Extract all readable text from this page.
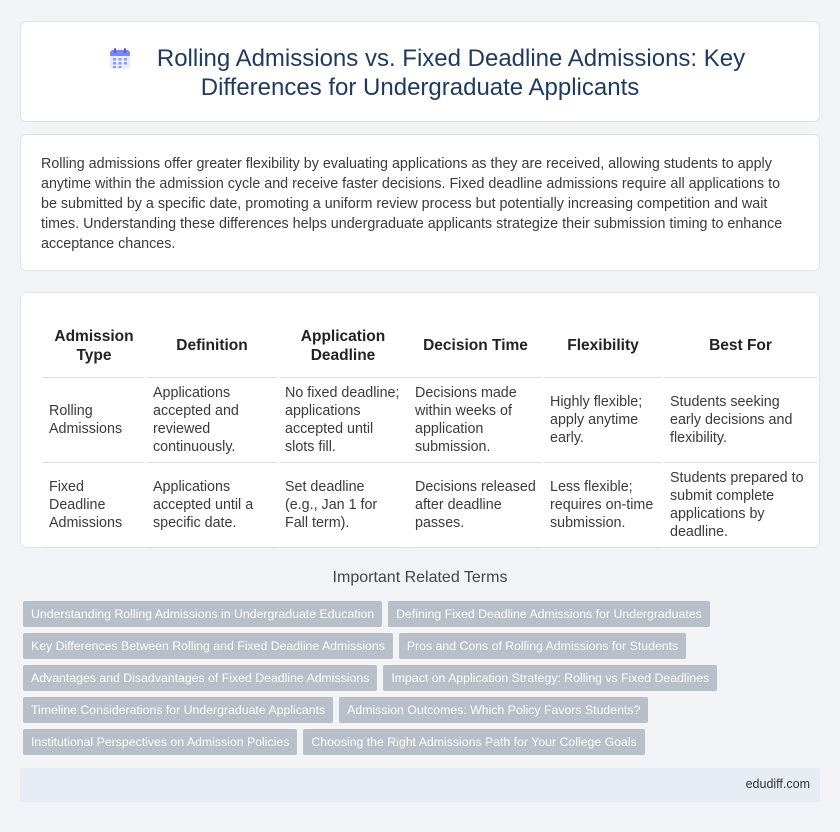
Rolling Admissions vs. Fixed Deadline Admissions: Key
Differences for Undergraduate Applicants

Rolling admissions offer greater flexibility by evaluating applications as they are received, allowing students to apply anytime within the admission cycle and receive faster decisions. Fixed deadline admissions require all applications to be submitted by a specific date, promoting a uniform review process but potentially increasing competition and wait times. Understanding these differences helps undergraduate applicants strategize their submission timing to enhance acceptance chances.

Admission Type	Definition	Application Deadline	Decision Time	Flexibility	Best For
Rolling Admissions	Applications accepted and reviewed continuously.	No fixed deadline; applications accepted until slots fill.	Decisions made within weeks of application submission.	Highly flexible; apply anytime early.	Students seeking early decisions and flexibility.
Fixed Deadline Admissions	Applications accepted until a specific date.	Set deadline (e.g., Jan 1 for Fall term).	Decisions released after deadline passes.	Less flexible; requires on-time submission.	Students prepared to submit complete applications by deadline.
Important Related Terms
Understanding Rolling Admissions in Undergraduate Education	Defining Fixed Deadline Admissions for Undergraduates
Key Differences Between Rolling and Fixed Deadline Admissions	Pros and Cons of Rolling Admissions for Students
Advantages and Disadvantages of Fixed Deadline Admissions	Impact on Application Strategy: Rolling vs Fixed Deadlines
Timeline Considerations for Undergraduate Applicants	Admission Outcomes: Which Policy Favors Students?
Institutional Perspectives on Admission Policies	Choosing the Right Admissions Path for Your College Goals
edudiff.com
